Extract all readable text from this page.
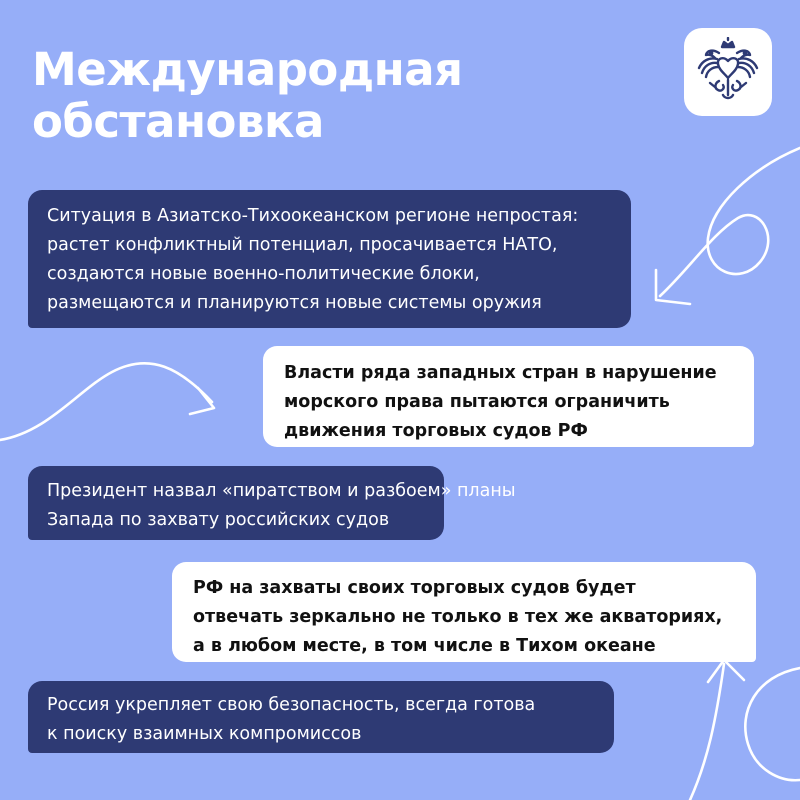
Международная
обстановка
Ситуация в Азиатско-Тихоокеанском регионе непростая:
растет конфликтный потенциал, просачивается НАТО,
создаются новые военно-политические блоки,
размещаются и планируются новые системы оружия
Власти ряда западных стран в нарушение
морского права пытаются ограничить
движения торговых судов РФ
Президент назвал «пиратством и разбоем» планы
Запада по захвату российских судов
РФ на захваты своих торговых судов будет
отвечать зеркально не только в тех же акваториях,
а в любом месте, в том числе в Тихом океане
Россия укрепляет свою безопасность, всегда готова
к поиску взаимных компромиссов
